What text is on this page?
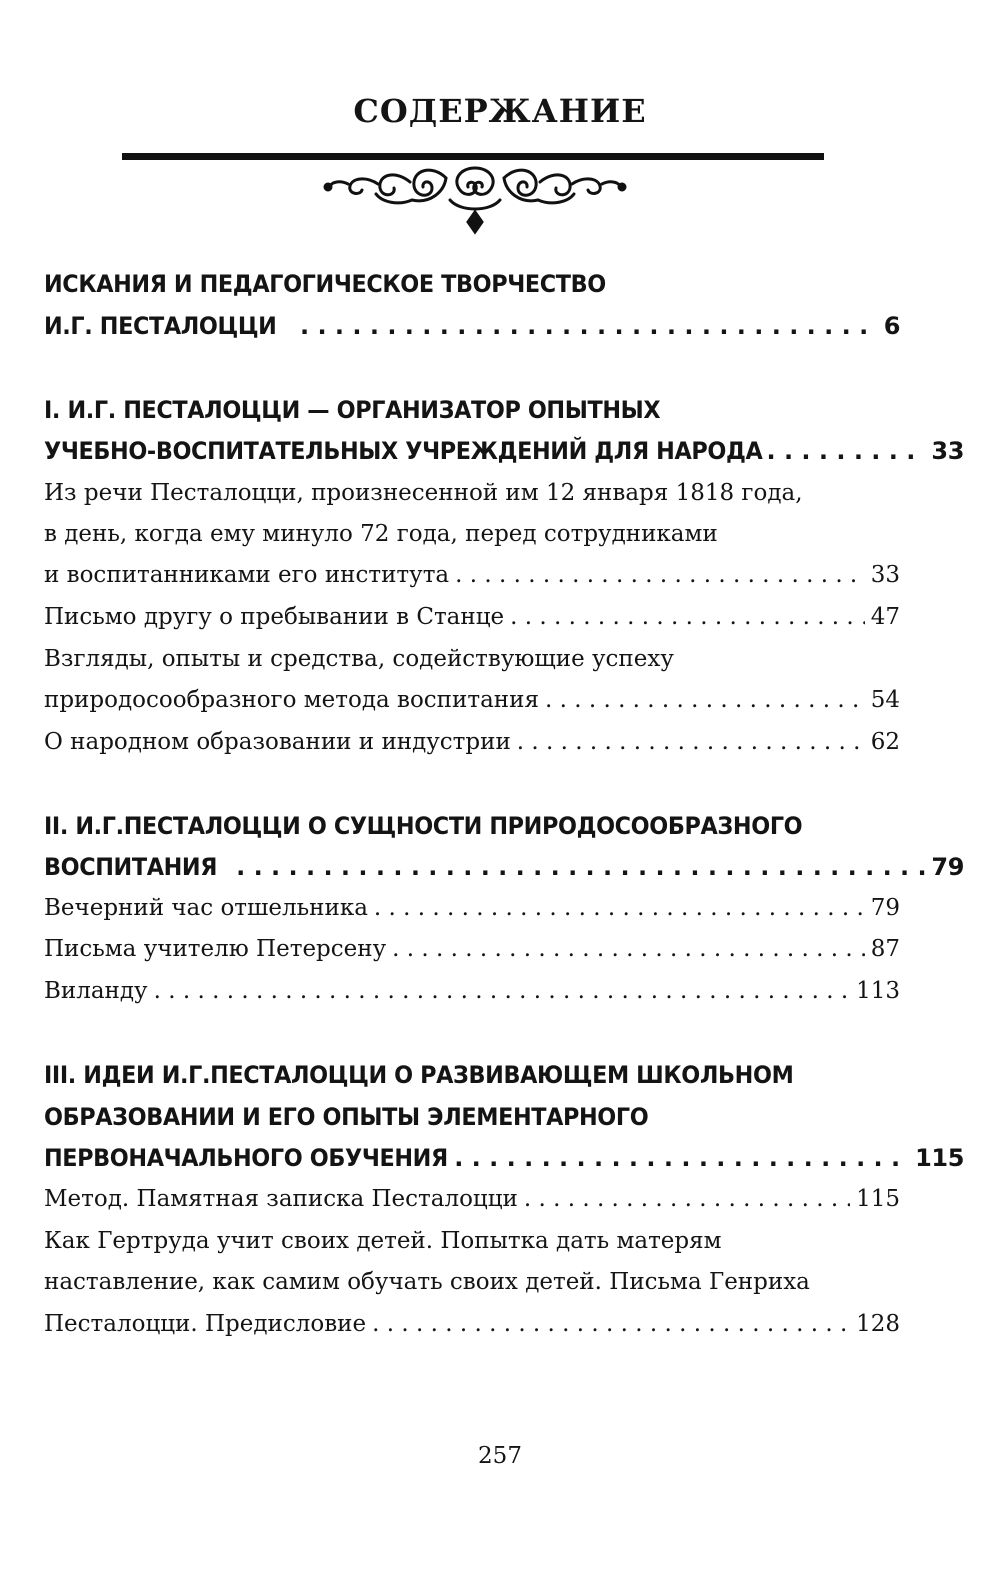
СОДЕРЖАНИЕ
ИСКАНИЯ И ПЕДАГОГИЧЕСКОЕ ТВОРЧЕСТВО
И.Г. ПЕСТАЛОЦЦИ . . .	6
I. И.Г. ПЕСТАЛОЦЦИ — ОРГАНИЗАТОР ОПЫТНЫХ
УЧЕБНО-ВОСПИТАТЕЛЬНЫХ УЧРЕЖДЕНИЙ ДЛЯ НАРОДА . . .	33
Из речи Песталоцци, произнесенной им 12 января 1818 года,
в день, когда ему минуло 72 года, перед сотрудниками
и воспитанниками его института . . .	33
Письмо другу о пребывании в Станце . . .	47
Взгляды, опыты и средства, содействующие успеху
природосообразного метода воспитания . . .	54
О народном образовании и индустрии . . .	62
II. И.Г.ПЕСТАЛОЦЦИ О СУЩНОСТИ ПРИРОДОСООБРАЗНОГО
ВОСПИТАНИЯ . . .	79
Вечерний час отшельника . . .	79
Письма учителю Петерсену . . .	87
Виланду . . .	113
III. ИДЕИ И.Г.ПЕСТАЛОЦЦИ О РАЗВИВАЮЩЕМ ШКОЛЬНОМ
ОБРАЗОВАНИИ И ЕГО ОПЫТЫ ЭЛЕМЕНТАРНОГО
ПЕРВОНАЧАЛЬНОГО ОБУЧЕНИЯ . . .	115
Метод. Памятная записка Песталоцци . . .	115
Как Гертруда учит своих детей. Попытка дать матерям
наставление, как самим обучать своих детей. Письма Генриха
Песталоцци. Предисловие . . .	128
257
